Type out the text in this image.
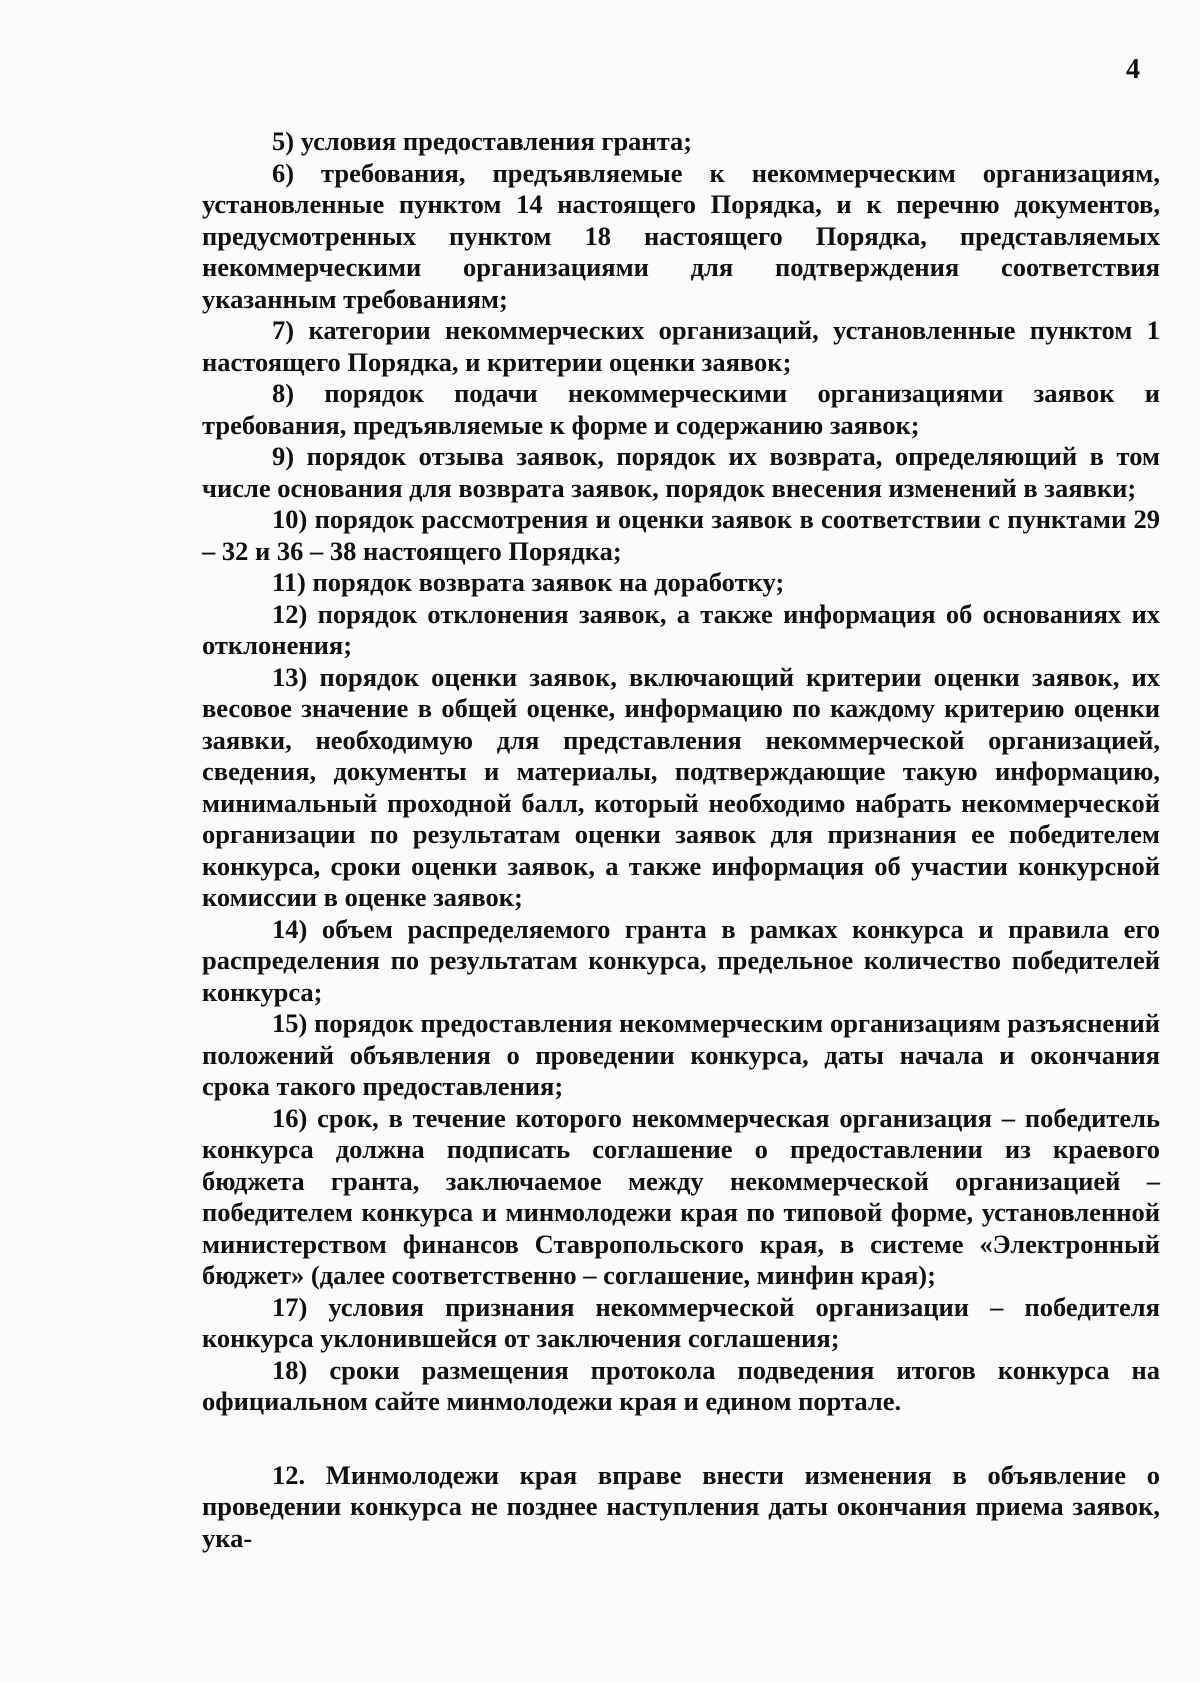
4

5) условия предоставления гранта;

6) требования, предъявляемые к некоммерческим организациям, установленные пунктом 14 настоящего Порядка, и к перечню документов, предусмотренных пунктом 18 настоящего Порядка, представляемых некоммерческими организациями для подтверждения соответствия указанным требованиям;

7) категории некоммерческих организаций, установленные пунктом 1 настоящего Порядка, и критерии оценки заявок;

8) порядок подачи некоммерческими организациями заявок и требования, предъявляемые к форме и содержанию заявок;

9) порядок отзыва заявок, порядок их возврата, определяющий в том числе основания для возврата заявок, порядок внесения изменений в заявки;

10) порядок рассмотрения и оценки заявок в соответствии с пунктами 29 – 32 и 36 – 38 настоящего Порядка;

11) порядок возврата заявок на доработку;

12) порядок отклонения заявок, а также информация об основаниях их отклонения;

13) порядок оценки заявок, включающий критерии оценки заявок, их весовое значение в общей оценке, информацию по каждому критерию оценки заявки, необходимую для представления некоммерческой организацией, сведения, документы и материалы, подтверждающие такую информацию, минимальный проходной балл, который необходимо набрать некоммерческой организации по результатам оценки заявок для признания ее победителем конкурса, сроки оценки заявок, а также информация об участии конкурсной комиссии в оценке заявок;

14) объем распределяемого гранта в рамках конкурса и правила его распределения по результатам конкурса, предельное количество победителей конкурса;

15) порядок предоставления некоммерческим организациям разъяснений положений объявления о проведении конкурса, даты начала и окончания срока такого предоставления;

16) срок, в течение которого некоммерческая организация – победитель конкурса должна подписать соглашение о предоставлении из краевого бюджета гранта, заключаемое между некоммерческой организацией – победителем конкурса и минмолодежи края по типовой форме, установленной министерством финансов Ставропольского края, в системе «Электронный бюджет» (далее соответственно – соглашение, минфин края);

17) условия признания некоммерческой организации – победителя конкурса уклонившейся от заключения соглашения;

18) сроки размещения протокола подведения итогов конкурса на официальном сайте минмолодежи края и едином портале.

12. Минмолодежи края вправе внести изменения в объявление о проведении конкурса не позднее наступления даты окончания приема заявок, ука-
